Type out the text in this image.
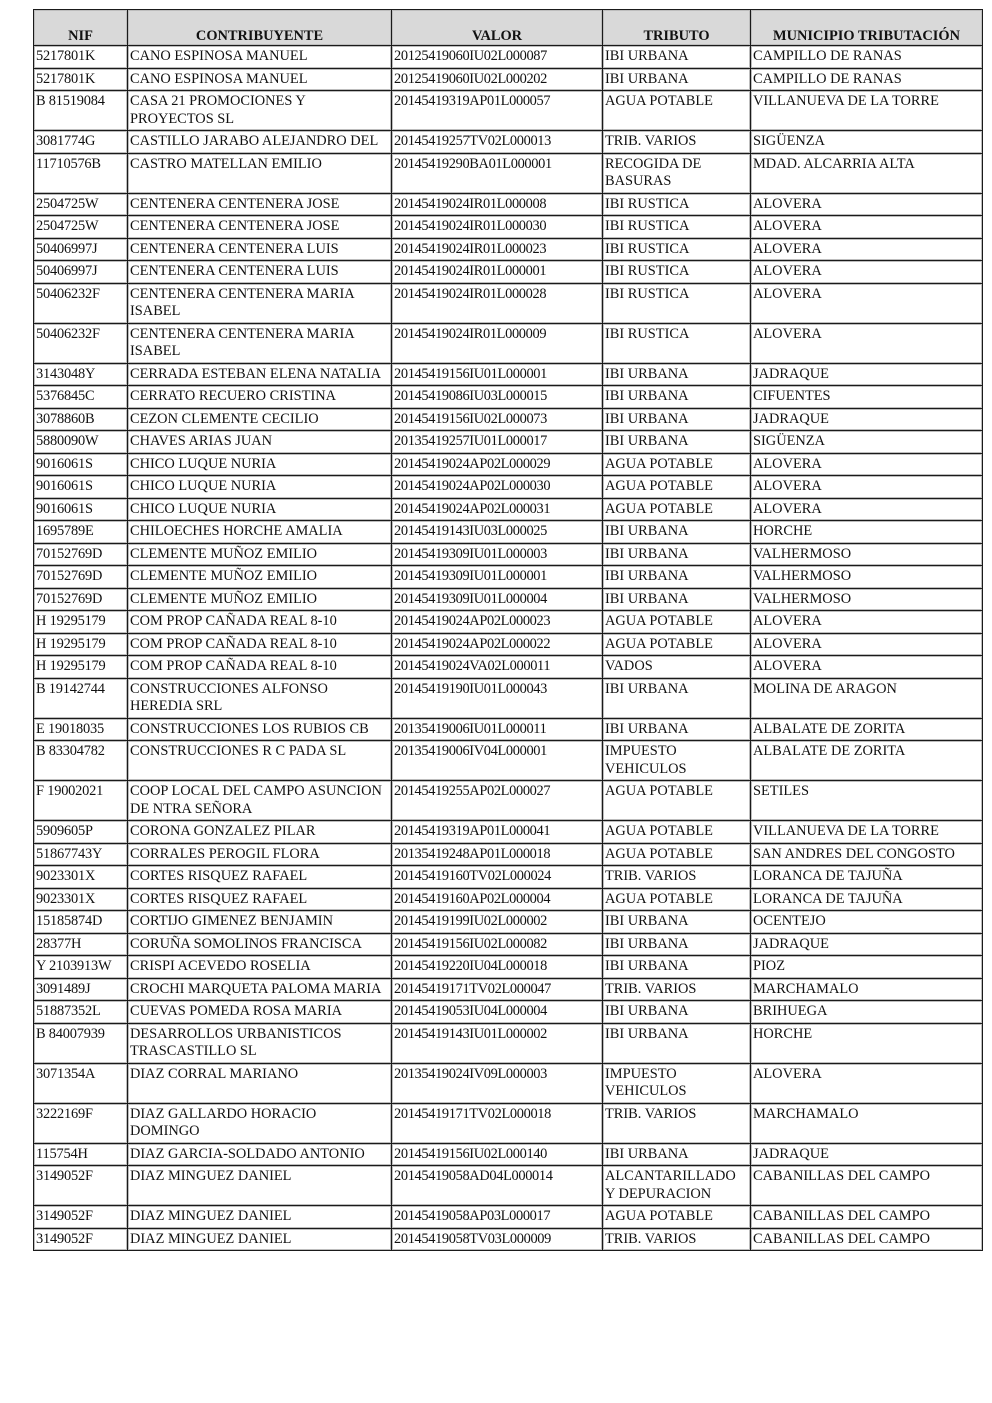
NIF	CONTRIBUYENTE	VALOR	TRIBUTO	MUNICIPIO TRIBUTACIÓN
5217801K	CANO ESPINOSA MANUEL	20125419060IU02L000087	IBI URBANA	CAMPILLO DE RANAS
5217801K	CANO ESPINOSA MANUEL	20125419060IU02L000202	IBI URBANA	CAMPILLO DE RANAS
B 81519084	CASA 21 PROMOCIONES Y PROYECTOS SL	20145419319AP01L000057	AGUA POTABLE	VILLANUEVA DE LA TORRE
3081774G	CASTILLO JARABO ALEJANDRO DEL	20145419257TV02L000013	TRIB. VARIOS	SIGÜENZA
11710576B	CASTRO MATELLAN EMILIO	20145419290BA01L000001	RECOGIDA DE BASURAS	MDAD. ALCARRIA ALTA
2504725W	CENTENERA CENTENERA JOSE	20145419024IR01L000008	IBI RUSTICA	ALOVERA
2504725W	CENTENERA CENTENERA JOSE	20145419024IR01L000030	IBI RUSTICA	ALOVERA
50406997J	CENTENERA CENTENERA LUIS	20145419024IR01L000023	IBI RUSTICA	ALOVERA
50406997J	CENTENERA CENTENERA LUIS	20145419024IR01L000001	IBI RUSTICA	ALOVERA
50406232F	CENTENERA CENTENERA MARIA ISABEL	20145419024IR01L000028	IBI RUSTICA	ALOVERA
50406232F	CENTENERA CENTENERA MARIA ISABEL	20145419024IR01L000009	IBI RUSTICA	ALOVERA
3143048Y	CERRADA ESTEBAN ELENA NATALIA	20145419156IU01L000001	IBI URBANA	JADRAQUE
5376845C	CERRATO RECUERO CRISTINA	20145419086IU03L000015	IBI URBANA	CIFUENTES
3078860B	CEZON CLEMENTE CECILIO	20145419156IU02L000073	IBI URBANA	JADRAQUE
5880090W	CHAVES ARIAS JUAN	20135419257IU01L000017	IBI URBANA	SIGÜENZA
9016061S	CHICO LUQUE NURIA	20145419024AP02L000029	AGUA POTABLE	ALOVERA
9016061S	CHICO LUQUE NURIA	20145419024AP02L000030	AGUA POTABLE	ALOVERA
9016061S	CHICO LUQUE NURIA	20145419024AP02L000031	AGUA POTABLE	ALOVERA
1695789E	CHILOECHES HORCHE AMALIA	20145419143IU03L000025	IBI URBANA	HORCHE
70152769D	CLEMENTE MUÑOZ EMILIO	20145419309IU01L000003	IBI URBANA	VALHERMOSO
70152769D	CLEMENTE MUÑOZ EMILIO	20145419309IU01L000001	IBI URBANA	VALHERMOSO
70152769D	CLEMENTE MUÑOZ EMILIO	20145419309IU01L000004	IBI URBANA	VALHERMOSO
H 19295179	COM PROP CAÑADA REAL 8-10	20145419024AP02L000023	AGUA POTABLE	ALOVERA
H 19295179	COM PROP CAÑADA REAL 8-10	20145419024AP02L000022	AGUA POTABLE	ALOVERA
H 19295179	COM PROP CAÑADA REAL 8-10	20145419024VA02L000011	VADOS	ALOVERA
B 19142744	CONSTRUCCIONES ALFONSO HEREDIA SRL	20145419190IU01L000043	IBI URBANA	MOLINA DE ARAGON
E 19018035	CONSTRUCCIONES LOS RUBIOS CB	20135419006IU01L000011	IBI URBANA	ALBALATE DE ZORITA
B 83304782	CONSTRUCCIONES R C PADA SL	20135419006IV04L000001	IMPUESTO VEHICULOS	ALBALATE DE ZORITA
F 19002021	COOP LOCAL DEL CAMPO ASUNCION DE NTRA SEÑORA	20145419255AP02L000027	AGUA POTABLE	SETILES
5909605P	CORONA GONZALEZ PILAR	20145419319AP01L000041	AGUA POTABLE	VILLANUEVA DE LA TORRE
51867743Y	CORRALES PEROGIL FLORA	20135419248AP01L000018	AGUA POTABLE	SAN ANDRES DEL CONGOSTO
9023301X	CORTES RISQUEZ RAFAEL	20145419160TV02L000024	TRIB. VARIOS	LORANCA DE TAJUÑA
9023301X	CORTES RISQUEZ RAFAEL	20145419160AP02L000004	AGUA POTABLE	LORANCA DE TAJUÑA
15185874D	CORTIJO GIMENEZ BENJAMIN	20145419199IU02L000002	IBI URBANA	OCENTEJO
28377H	CORUÑA SOMOLINOS FRANCISCA	20145419156IU02L000082	IBI URBANA	JADRAQUE
Y 2103913W	CRISPI ACEVEDO ROSELIA	20145419220IU04L000018	IBI URBANA	PIOZ
3091489J	CROCHI MARQUETA PALOMA MARIA	20145419171TV02L000047	TRIB. VARIOS	MARCHAMALO
51887352L	CUEVAS POMEDA ROSA MARIA	20145419053IU04L000004	IBI URBANA	BRIHUEGA
B 84007939	DESARROLLOS URBANISTICOS TRASCASTILLO SL	20145419143IU01L000002	IBI URBANA	HORCHE
3071354A	DIAZ CORRAL MARIANO	20135419024IV09L000003	IMPUESTO VEHICULOS	ALOVERA
3222169F	DIAZ GALLARDO HORACIO DOMINGO	20145419171TV02L000018	TRIB. VARIOS	MARCHAMALO
115754H	DIAZ GARCIA-SOLDADO ANTONIO	20145419156IU02L000140	IBI URBANA	JADRAQUE
3149052F	DIAZ MINGUEZ DANIEL	20145419058AD04L000014	ALCANTARILLADO Y DEPURACION	CABANILLAS DEL CAMPO
3149052F	DIAZ MINGUEZ DANIEL	20145419058AP03L000017	AGUA POTABLE	CABANILLAS DEL CAMPO
3149052F	DIAZ MINGUEZ DANIEL	20145419058TV03L000009	TRIB. VARIOS	CABANILLAS DEL CAMPO
